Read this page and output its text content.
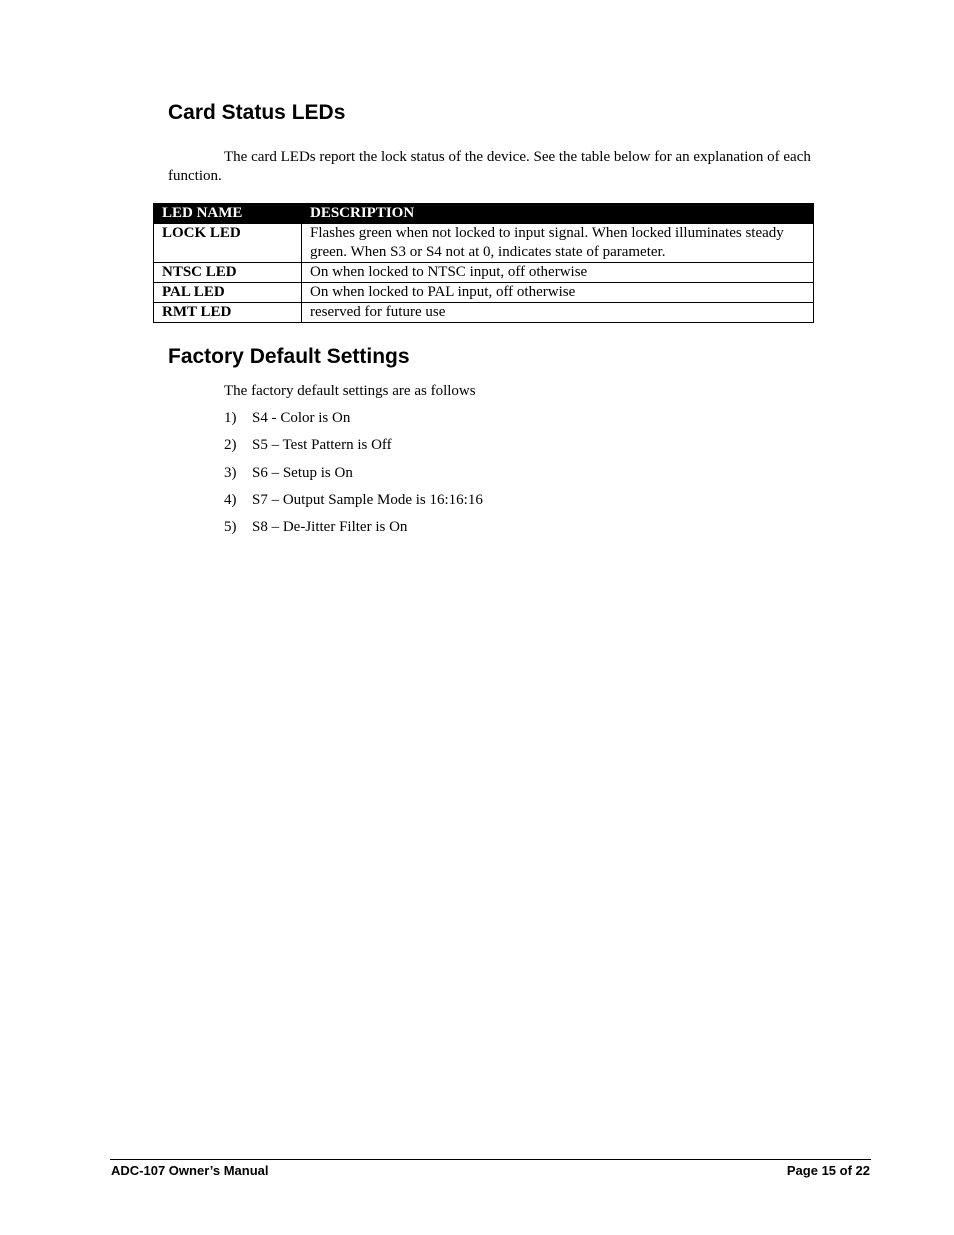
Card Status LEDs

The card LEDs report the lock status of the device. See the table below for an explanation of each function.

LED NAME	DESCRIPTION
LOCK LED	Flashes green when not locked to input signal. When locked illuminates steady green. When S3 or S4 not at 0, indicates state of parameter.
NTSC LED	On when locked to NTSC input, off otherwise
PAL LED	On when locked to PAL input, off otherwise
RMT LED	reserved for future use
Factory Default Settings

The factory default settings are as follows

1) S4 - Color is On
2) S5 – Test Pattern is Off
3) S6 – Setup is On
4) S7 – Output Sample Mode is 16:16:16
5) S8 – De-Jitter Filter is On

ADC-107 Owner’s Manual	Page 15 of 22
